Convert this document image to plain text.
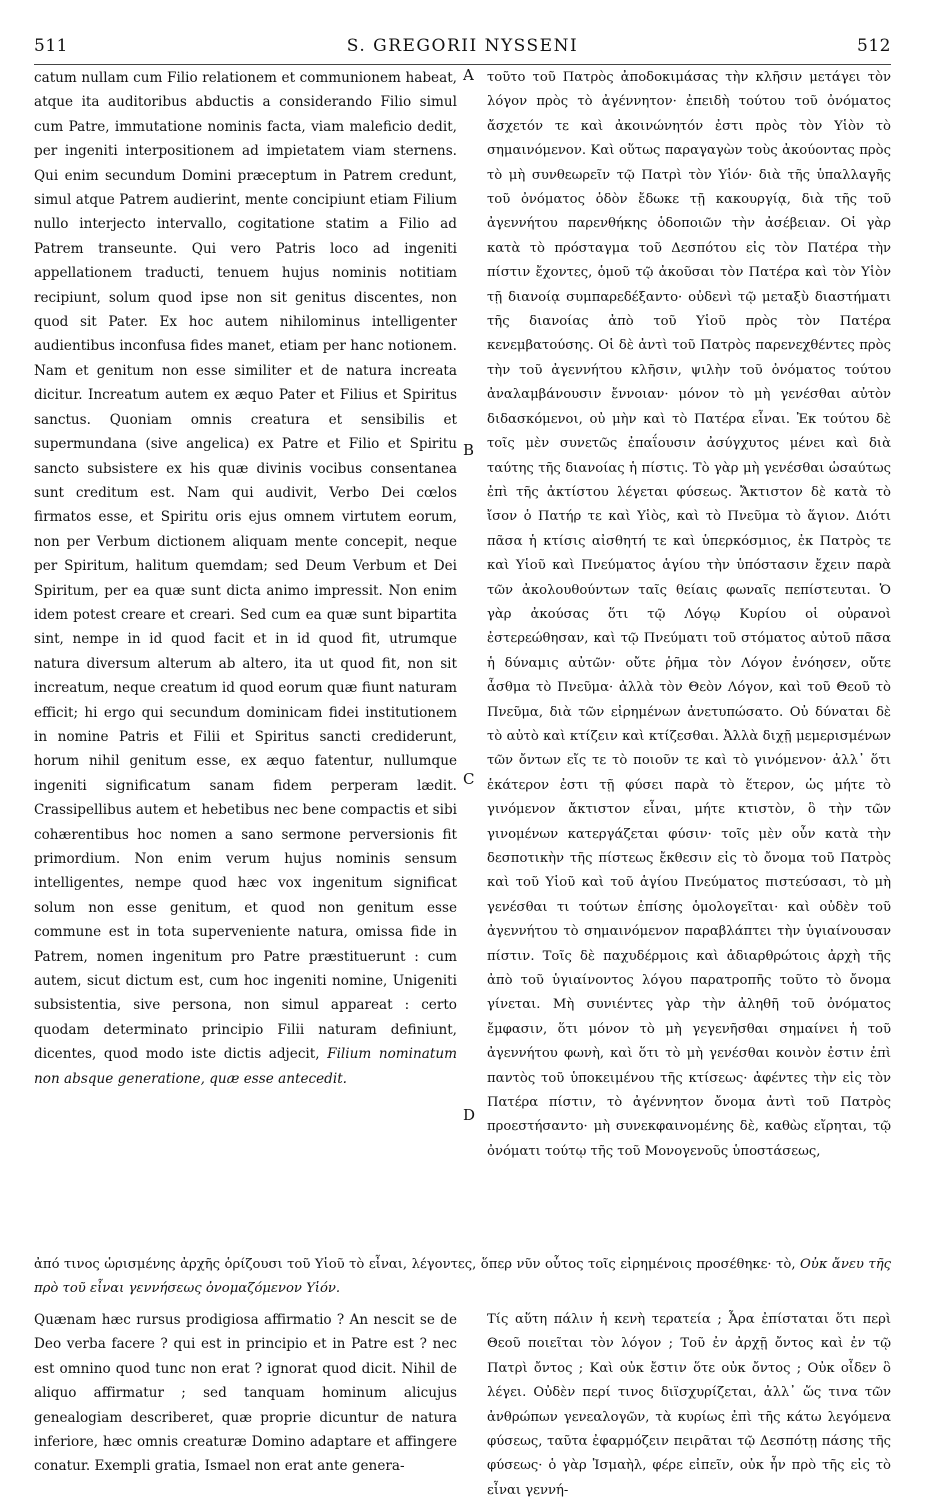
511	S. GREGORII NYSSENI	512

catum nullam cum Filio relationem et communionem habeat, atque ita auditoribus abductis a considerando Filio simul cum Patre, immutatione nominis facta, viam maleficio dedit, per ingeniti interpositionem ad impietatem viam sternens. Qui enim secundum Domini præceptum in Patrem credunt, simul atque Patrem audierint, mente concipiunt etiam Filium nullo interjecto intervallo, cogitatione statim a Filio ad Patrem transeunte. Qui vero Patris loco ad ingeniti appellationem traducti, tenuem hujus nominis notitiam recipiunt, solum quod ipse non sit genitus discentes, non quod sit Pater. Ex hoc autem nihilominus intelligenter audientibus inconfusa fides manet, etiam per hanc notionem. Nam et genitum non esse similiter et de natura increata dicitur. Increatum autem ex æquo Pater et Filius et Spiritus sanctus. Quoniam omnis creatura et sensibilis et supermundana (sive angelica) ex Patre et Filio et Spiritu sancto subsistere ex his quæ divinis vocibus consentanea sunt creditum est. Nam qui audivit, Verbo Dei cœlos firmatos esse, et Spiritu oris ejus omnem virtutem eorum, non per Verbum dictionem aliquam mente concepit, neque per Spiritum, halitum quemdam; sed Deum Verbum et Dei Spiritum, per ea quæ sunt dicta animo impressit. Non enim idem potest creare et creari. Sed cum ea quæ sunt bipartita sint, nempe in id quod facit et in id quod fit, utrumque natura diversum alterum ab altero, ita ut quod fit, non sit increatum, neque creatum id quod eorum quæ fiunt naturam efficit; hi ergo qui secundum dominicam fidei institutionem in nomine Patris et Filii et Spiritus sancti crediderunt, horum nihil genitum esse, ex æquo fatentur, nullumque ingeniti significatum sanam fidem perperam lædit. Crassipellibus autem et hebetibus nec bene compactis et sibi cohærentibus hoc nomen a sano sermone perversionis fit primordium. Non enim verum hujus nominis sensum intelligentes, nempe quod hæc vox ingenitum significat solum non esse genitum, et quod non genitum esse commune est in tota superveniente natura, omissa fide in Patrem, nomen ingenitum pro Patre præstituerunt : cum autem, sicut dictum est, cum hoc ingeniti nomine, Unigeniti subsistentia, sive persona, non simul appareat : certo quodam determinato principio Filii naturam definiunt, dicentes, quod modo iste dictis adjecit, Filium nominatum non absque generatione, quæ esse antecedit.

A
B
C
D

τοῦτο τοῦ Πατρὸς ἀποδοκιμάσας τὴν κλῆσιν μετάγει τὸν λόγον πρὸς τὸ ἀγέννητον· ἐπειδὴ τούτου τοῦ ὀνόματος ἄσχετόν τε καὶ ἀκοινώνητόν ἐστι πρὸς τὸν Υἱὸν τὸ σημαινόμενον. Καὶ οὕτως παραγαγὼν τοὺς ἀκούοντας πρὸς τὸ μὴ συνθεωρεῖν τῷ Πατρὶ τὸν Υἱόν· διὰ τῆς ὑπαλλαγῆς τοῦ ὀνόματος ὁδὸν ἔδωκε τῇ κακουργίᾳ, διὰ τῆς τοῦ ἀγεννήτου παρενθήκης ὁδοποιῶν τὴν ἀσέβειαν. Οἱ γὰρ κατὰ τὸ πρόσταγμα τοῦ Δεσπότου εἰς τὸν Πατέρα τὴν πίστιν ἔχοντες, ὁμοῦ τῷ ἀκοῦσαι τὸν Πατέρα καὶ τὸν Υἱὸν τῇ διανοίᾳ συμπαρεδέξαντο· οὐδενὶ τῷ μεταξὺ διαστήματι τῆς διανοίας ἀπὸ τοῦ Υἱοῦ πρὸς τὸν Πατέρα κενεμβατούσης. Οἱ δὲ ἀντὶ τοῦ Πατρὸς παρενεχθέντες πρὸς τὴν τοῦ ἀγεννήτου κλῆσιν, ψιλὴν τοῦ ὀνόματος τούτου ἀναλαμβάνουσιν ἔννοιαν· μόνον τὸ μὴ γενέσθαι αὐτὸν διδασκόμενοι, οὐ μὴν καὶ τὸ Πατέρα εἶναι. Ἐκ τούτου δὲ τοῖς μὲν συνετῶς ἐπαΐουσιν ἀσύγχυτος μένει καὶ διὰ ταύτης τῆς διανοίας ἡ πίστις. Τὸ γὰρ μὴ γενέσθαι ὡσαύτως ἐπὶ τῆς ἀκτίστου λέγεται φύσεως. Ἄκτιστον δὲ κατὰ τὸ ἴσον ὁ Πατήρ τε καὶ Υἱὸς, καὶ τὸ Πνεῦμα τὸ ἅγιον. Διότι πᾶσα ἡ κτίσις αἰσθητή τε καὶ ὑπερκόσμιος, ἐκ Πατρὸς τε καὶ Υἱοῦ καὶ Πνεύματος ἁγίου τὴν ὑπόστασιν ἔχειν παρὰ τῶν ἀκολουθούντων ταῖς θείαις φωναῖς πεπίστευται. Ὁ γὰρ ἀκούσας ὅτι τῷ Λόγῳ Κυρίου οἱ οὐρανοὶ ἐστερεώθησαν, καὶ τῷ Πνεύματι τοῦ στόματος αὐτοῦ πᾶσα ἡ δύναμις αὐτῶν· οὔτε ῥῆμα τὸν Λόγον ἐνόησεν, οὔτε ἆσθμα τὸ Πνεῦμα· ἀλλὰ τὸν Θεὸν Λόγον, καὶ τοῦ Θεοῦ τὸ Πνεῦμα, διὰ τῶν εἰρημένων ἀνετυπώσατο. Οὐ δύναται δὲ τὸ αὐτὸ καὶ κτίζειν καὶ κτίζεσθαι. Ἀλλὰ διχῇ μεμερισμένων τῶν ὄντων εἴς τε τὸ ποιοῦν τε καὶ τὸ γινόμενον· ἀλλ᾽ ὅτι ἑκάτερον ἐστι τῇ φύσει παρὰ τὸ ἕτερον, ὡς μήτε τὸ γινόμενον ἄκτιστον εἶναι, μήτε κτιστὸν, ὃ τὴν τῶν γινομένων κατεργάζεται φύσιν· τοῖς μὲν οὖν κατὰ τὴν δεσποτικὴν τῆς πίστεως ἔκθεσιν εἰς τὸ ὄνομα τοῦ Πατρὸς καὶ τοῦ Υἱοῦ καὶ τοῦ ἁγίου Πνεύματος πιστεύσασι, τὸ μὴ γενέσθαι τι τούτων ἐπίσης ὁμολογεῖται· καὶ οὐδὲν τοῦ ἀγεννήτου τὸ σημαινόμενον παραβλάπτει τὴν ὑγιαίνουσαν πίστιν. Τοῖς δὲ παχυδέρμοις καὶ ἀδιαρθρώτοις ἀρχὴ τῆς ἀπὸ τοῦ ὑγιαίνοντος λόγου παρατροπῆς τοῦτο τὸ ὄνομα γίνεται. Μὴ συνιέντες γὰρ τὴν ἀληθῆ τοῦ ὀνόματος ἔμφασιν, ὅτι μόνον τὸ μὴ γεγενῆσθαι σημαίνει ἡ τοῦ ἀγεννήτου φωνὴ, καὶ ὅτι τὸ μὴ γενέσθαι κοινὸν ἐστιν ἐπὶ παντὸς τοῦ ὑποκειμένου τῆς κτίσεως· ἀφέντες τὴν εἰς τὸν Πατέρα πίστιν, τὸ ἀγέννητον ὄνομα ἀντὶ τοῦ Πατρὸς προεστήσαντο· μὴ συνεκφαινομένης δὲ, καθὼς εἴρηται, τῷ ὀνόματι τούτῳ τῆς τοῦ Μονογενοῦς ὑποστάσεως,

ἀπό τινος ὡρισμένης ἀρχῆς ὁρίζουσι τοῦ Υἱοῦ τὸ εἶναι, λέγοντες, ὅπερ νῦν οὗτος τοῖς εἰρημένοις προσέθηκε· τὸ, Οὐκ ἄνευ τῆς πρὸ τοῦ εἶναι γεννήσεως ὀνομαζόμενον Υἱόν.

Quænam hæc rursus prodigiosa affirmatio ? An nescit se de Deo verba facere ? qui est in principio et in Patre est ? nec est omnino quod tunc non erat ? ignorat quod dicit. Nihil de aliquo affirmatur ; sed tanquam hominum alicujus genealogiam describeret, quæ proprie dicuntur de natura inferiore, hæc omnis creaturæ Domino adaptare et affingere conatur. Exempli gratia, Ismael non erat ante genera-

Τίς αὕτη πάλιν ἡ κενὴ τερατεία ; Ἆρα ἐπίσταται ὅτι περὶ Θεοῦ ποιεῖται τὸν λόγον ; Τοῦ ἐν ἀρχῇ ὄντος καὶ ἐν τῷ Πατρὶ ὄντος ; Καὶ οὐκ ἔστιν ὅτε οὐκ ὄντος ; Οὐκ οἶδεν ὃ λέγει. Οὐδὲν περί τινος διϊσχυρίζεται, ἀλλ᾽ ὥς τινα τῶν ἀνθρώπων γενεαλογῶν, τὰ κυρίως ἐπὶ τῆς κάτω λεγόμενα φύσεως, ταῦτα ἐφαρμόζειν πειρᾶται τῷ Δεσπότῃ πάσης τῆς φύσεως· ὁ γὰρ Ἰσμαὴλ, φέρε εἰπεῖν, οὐκ ἦν πρὸ τῆς εἰς τὸ εἶναι γεννή-
